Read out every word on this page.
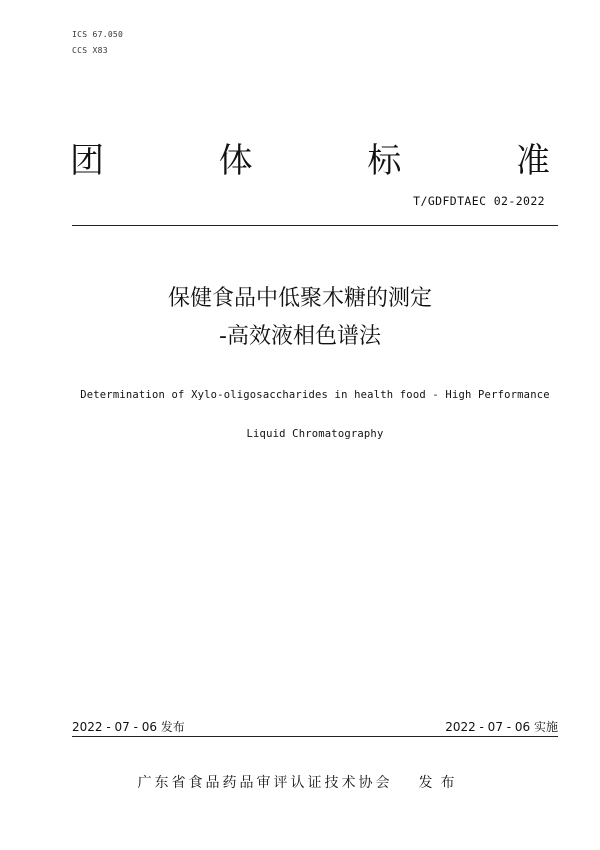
ICS 67.050
CCS X83
团	体	标	准
T/GDFDTAEC 02-2022
保健食品中低聚木糖的测定
-高效液相色谱法
Determination of Xylo-oligosaccharides in health food - High Performance
Liquid Chromatography
2022 - 07 - 06 发布	2022 - 07 - 06 实施
广东省食品药品审评认证技术协会 发布
